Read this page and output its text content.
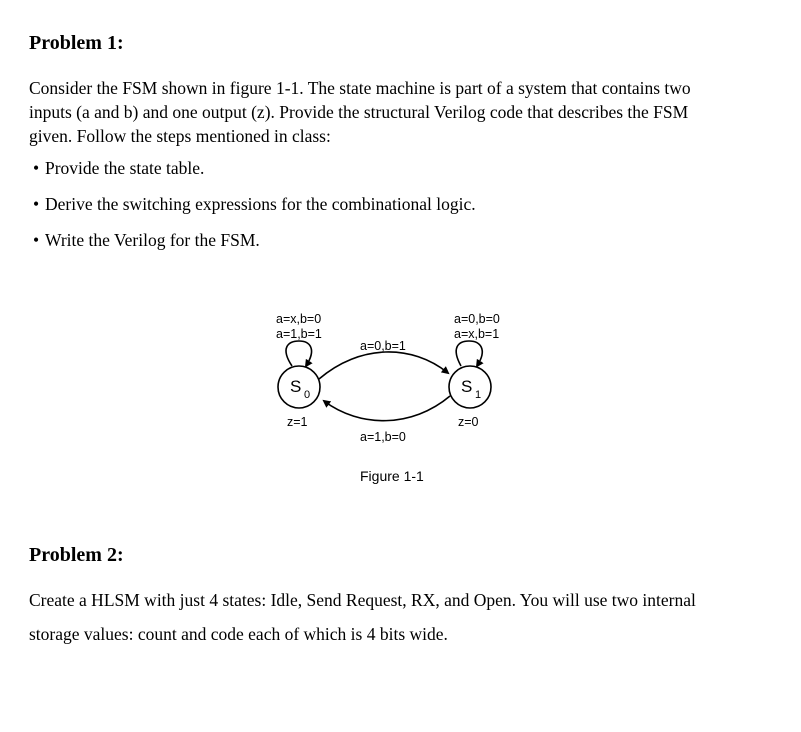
Problem 1:
Consider the FSM shown in figure 1-1. The state machine is part of a system that contains two
inputs (a and b) and one output (z). Provide the structural Verilog code that describes the FSM
given. Follow the steps mentioned in class:
• Provide the state table.
• Derive the switching expressions for the combinational logic.
• Write the Verilog for the FSM.
a=x,b=0
a=1,b=1
a=0,b=0
a=x,b=1
S 0	S 1
a=0,b=1
a=1,b=0
z=1	z=0
Figure 1-1
Problem 2:
Create a HLSM with just 4 states: Idle, Send Request, RX, and Open. You will use two internal
storage values: count and code each of which is 4 bits wide.
